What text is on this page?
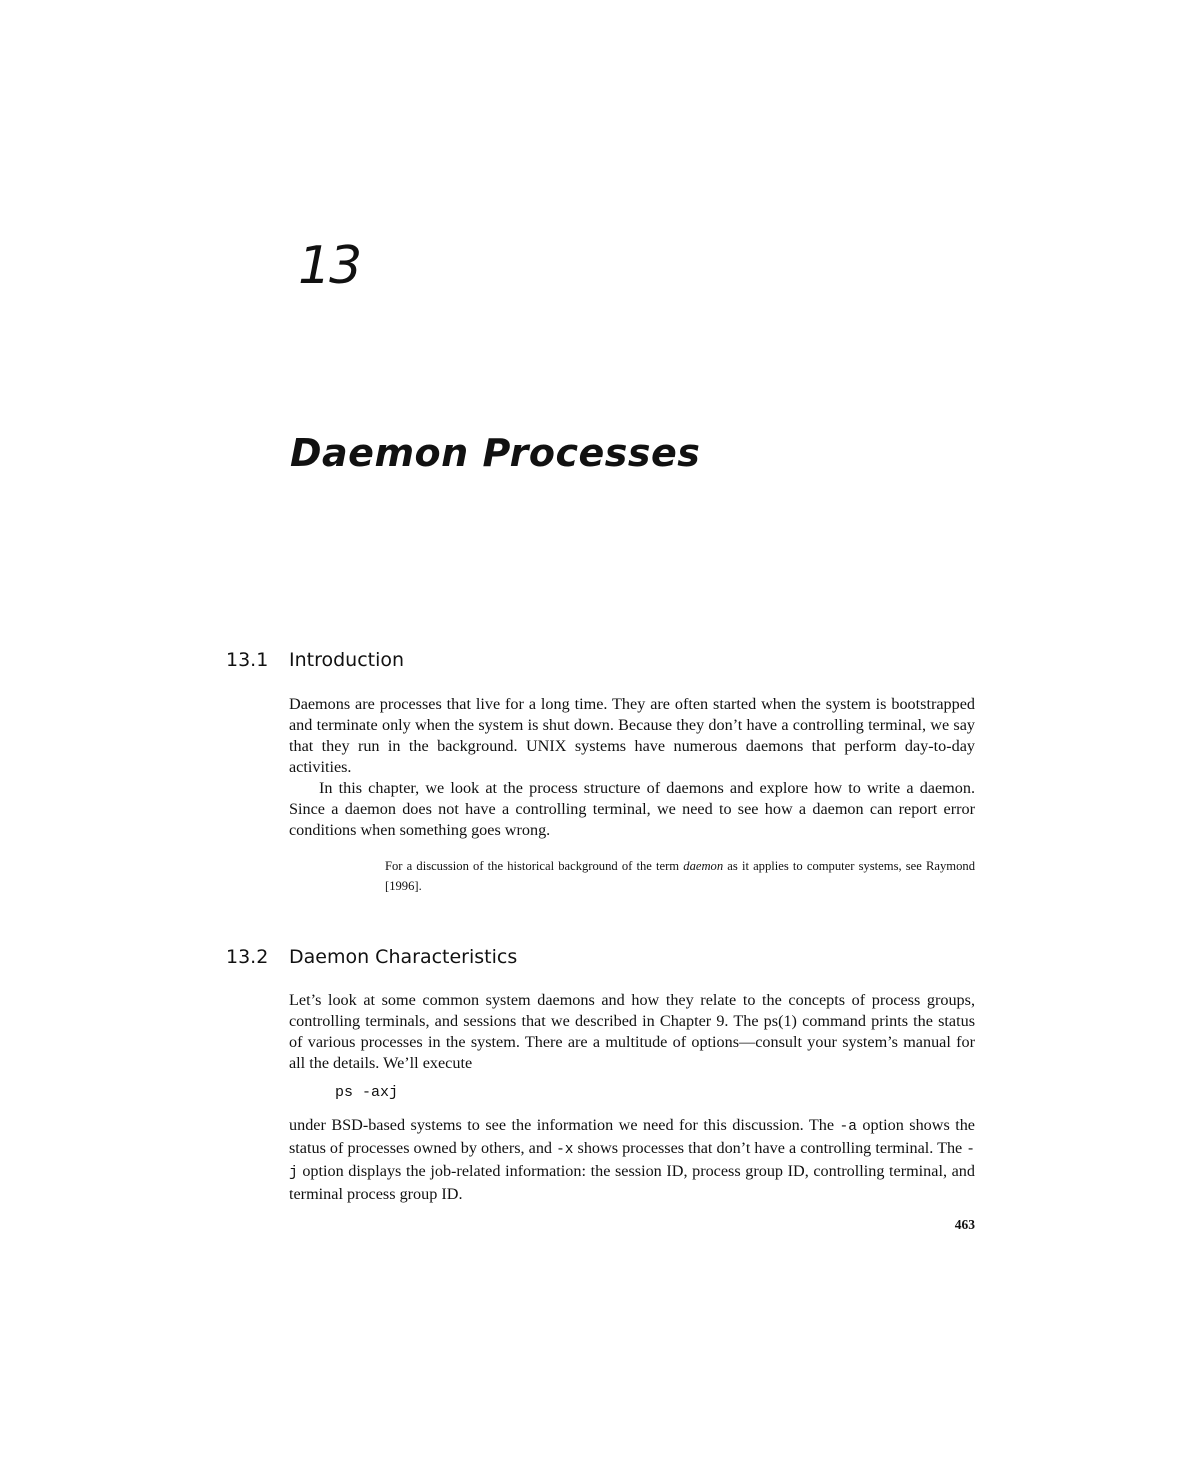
13
Daemon Processes
13.1 Introduction

Daemons are processes that live for a long time. They are often started when the system is bootstrapped and terminate only when the system is shut down. Because they don’t have a controlling terminal, we say that they run in the background. UNIX systems have numerous daemons that perform day-to-day activities.

In this chapter, we look at the process structure of daemons and explore how to write a daemon. Since a daemon does not have a controlling terminal, we need to see how a daemon can report error conditions when something goes wrong.

For a discussion of the historical background of the term daemon as it applies to computer systems, see Raymond [1996].
13.2 Daemon Characteristics

Let’s look at some common system daemons and how they relate to the concepts of process groups, controlling terminals, and sessions that we described in Chapter 9. The ps(1) command prints the status of various processes in the system. There are a multitude of options—consult your system’s manual for all the details. We’ll execute

ps -axj

under BSD-based systems to see the information we need for this discussion. The -a option shows the status of processes owned by others, and -x shows processes that don’t have a controlling terminal. The -j option displays the job-related information: the session ID, process group ID, controlling terminal, and terminal process group ID.

463
